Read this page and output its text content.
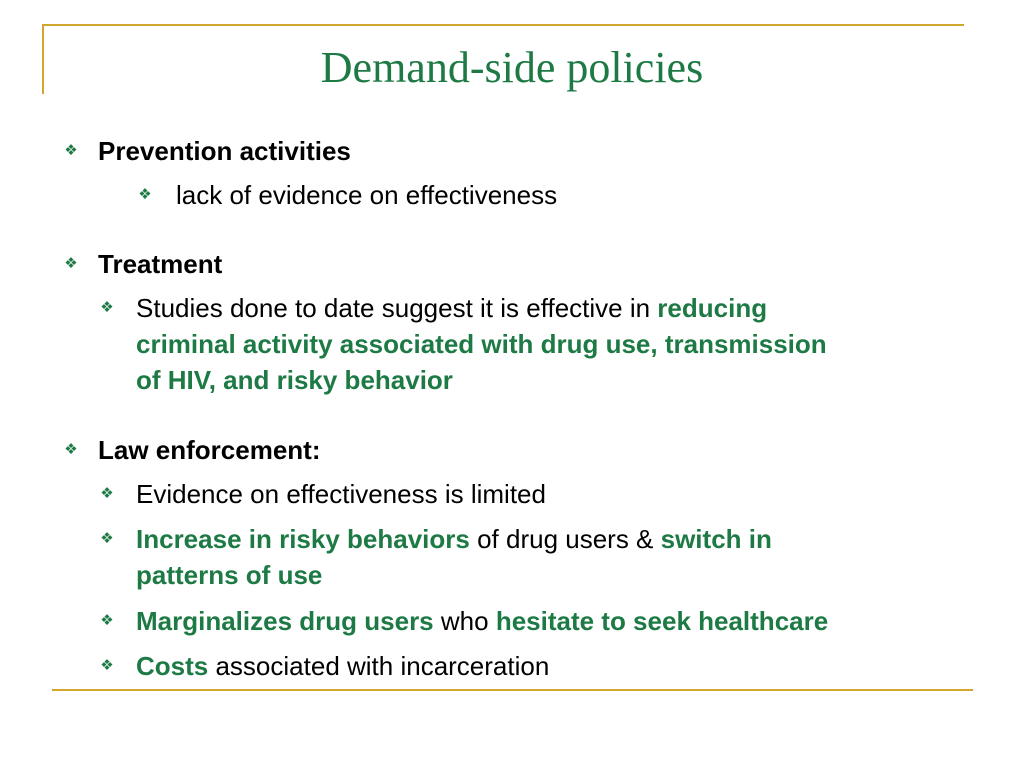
Demand-side policies
❖ Prevention activities
❖ lack of evidence on effectiveness
❖ Treatment
❖ Studies done to date suggest it is effective in reducing
criminal activity associated with drug use, transmission
of HIV, and risky behavior
❖ Law enforcement:
❖ Evidence on effectiveness is limited
❖ Increase in risky behaviors of drug users & switch in
patterns of use
❖ Marginalizes drug users who hesitate to seek healthcare
❖ Costs associated with incarceration
